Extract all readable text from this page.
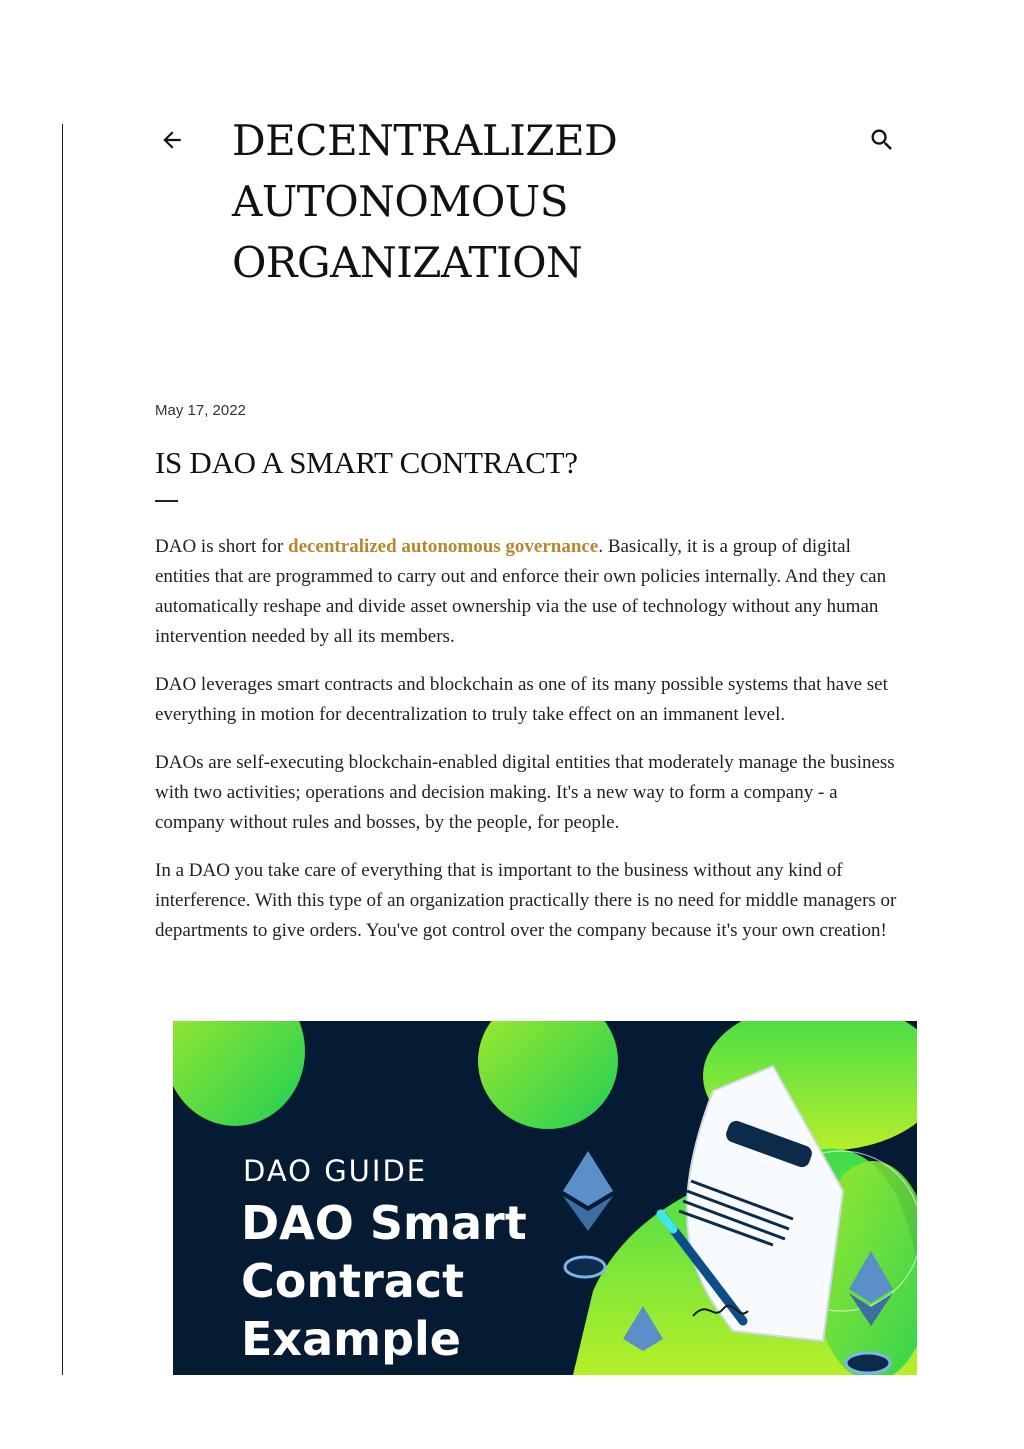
DECENTRALIZED
AUTONOMOUS
ORGANIZATION
May 17, 2022
IS DAO A SMART CONTRACT?

DAO is short for decentralized autonomous governance. Basically, it is a group of digital entities that are programmed to carry out and enforce their own policies internally. And they can automatically reshape and divide asset ownership via the use of technology without any human intervention needed by all its members.

DAO leverages smart contracts and blockchain as one of its many possible systems that have set everything in motion for decentralization to truly take effect on an immanent level.

DAOs are self-executing blockchain-enabled digital entities that moderately manage the business with two activities; operations and decision making. It's a new way to form a company - a company without rules and bosses, by the people, for people.

In a DAO you take care of everything that is important to the business without any kind of interference. With this type of an organization practically there is no need for middle managers or departments to give orders. You've got control over the company because it's your own creation!

DAO GUIDE
DAO Smart
Contract
Example
